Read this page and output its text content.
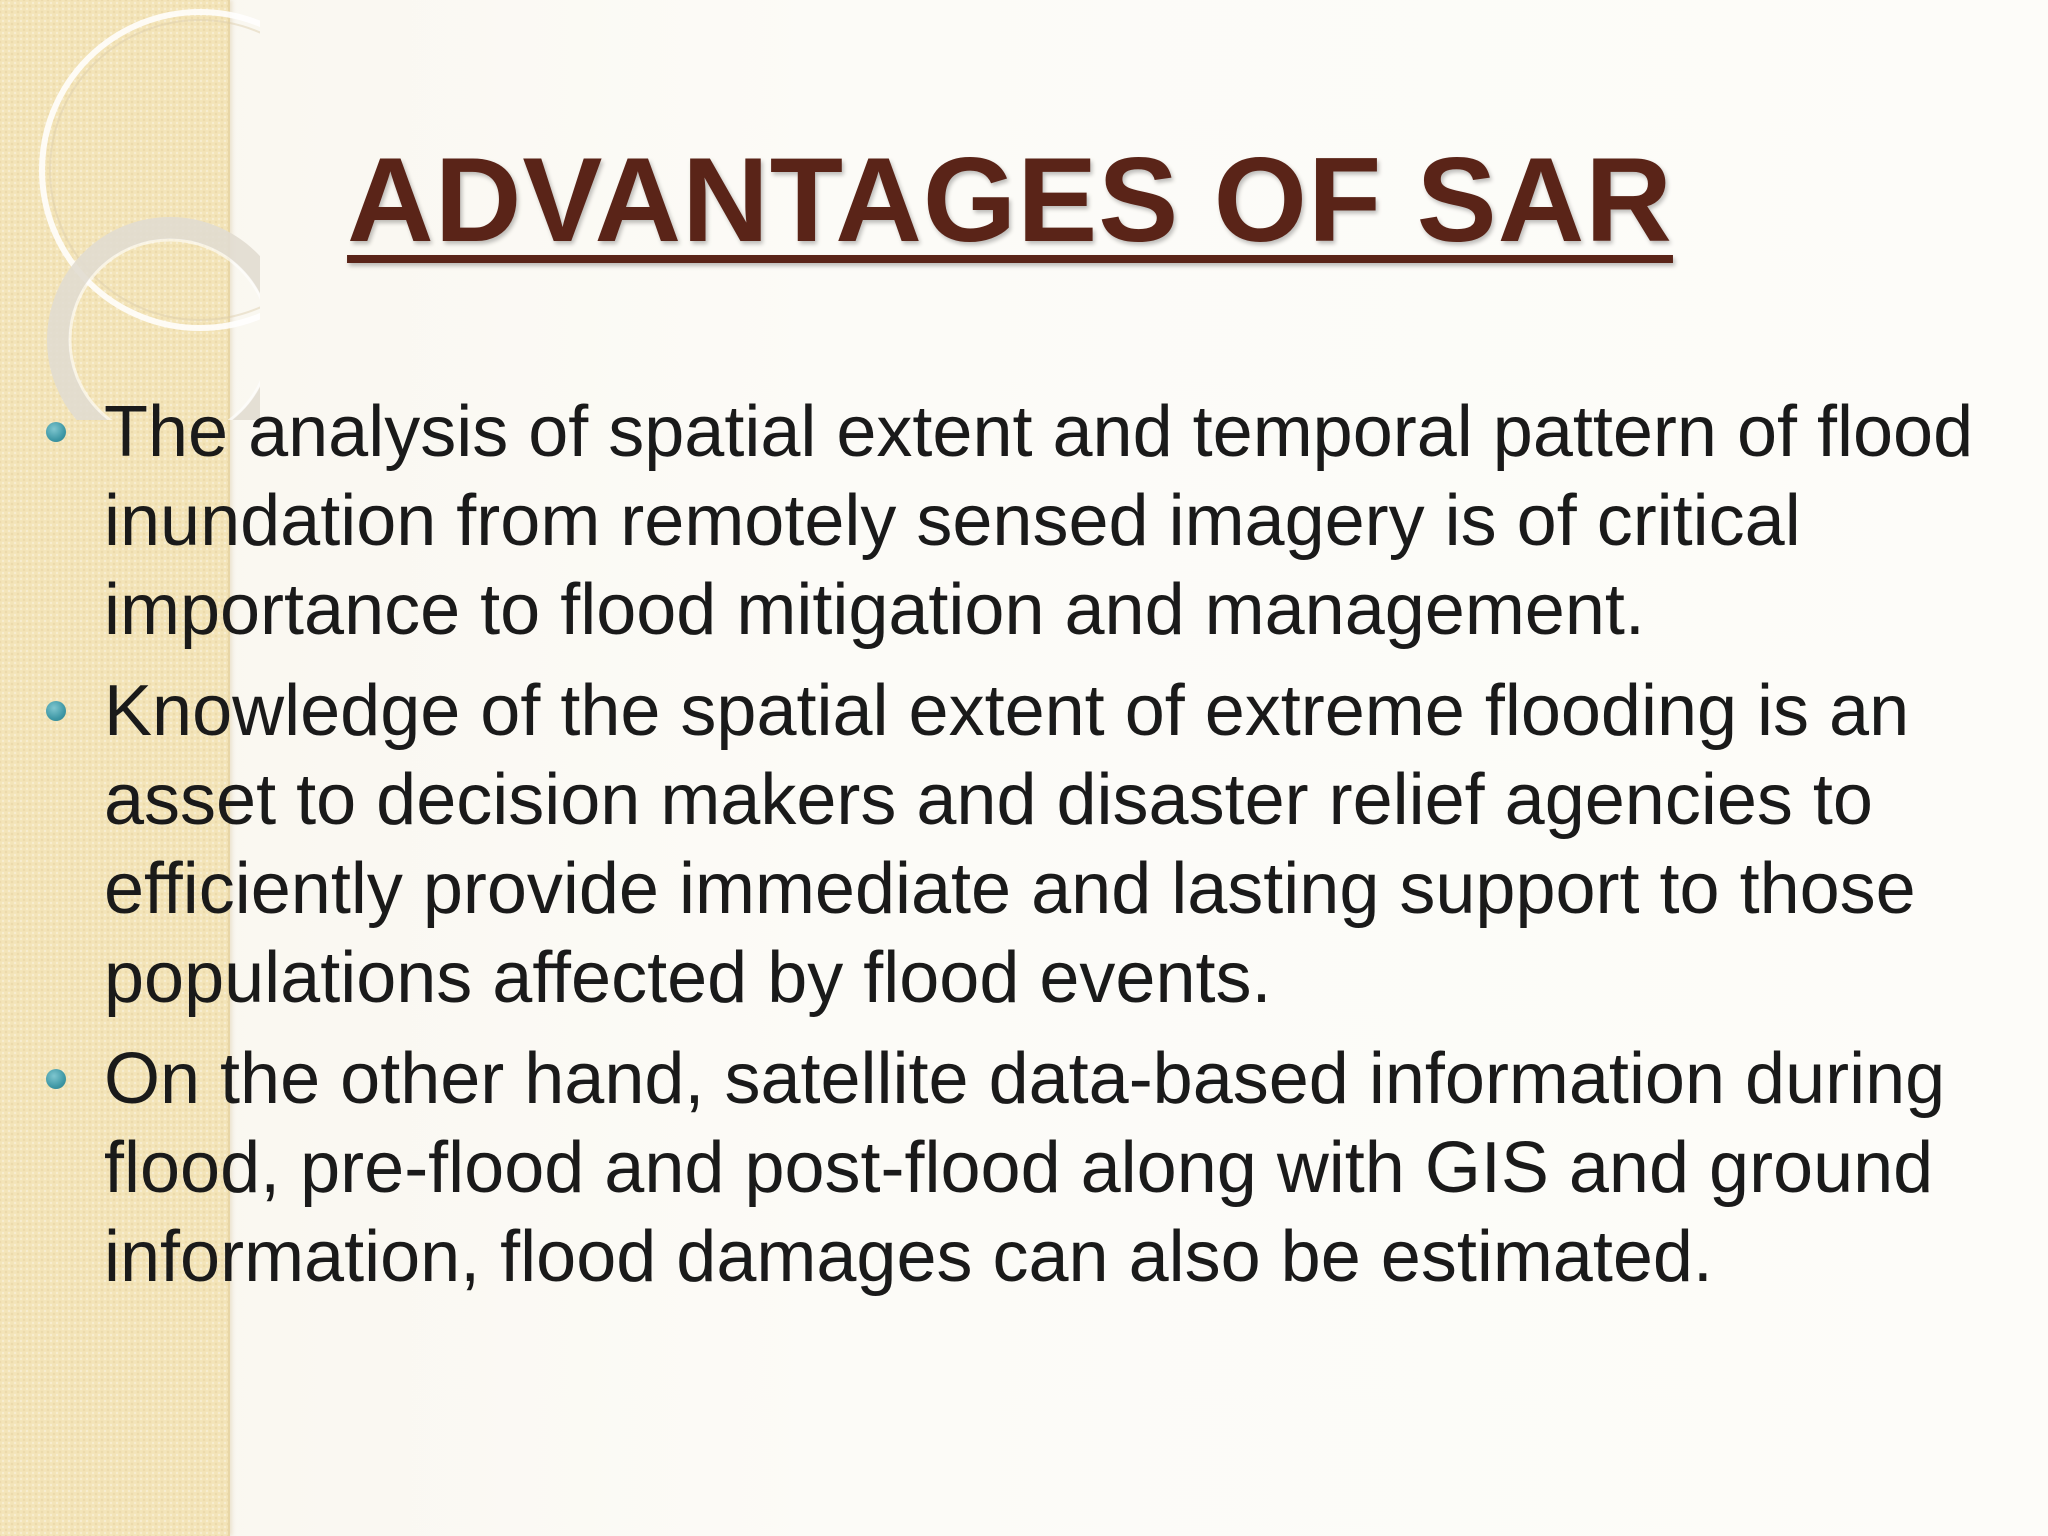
ADVANTAGES OF SAR
The analysis of spatial extent and temporal pattern of flood inundation from remotely sensed imagery is of critical importance to flood mitigation and management.
Knowledge of the spatial extent of extreme flooding is an asset to decision makers and disaster relief agencies to efficiently provide immediate and lasting support to those populations affected by flood events.
On the other hand, satellite data-based information during flood, pre-flood and post-flood along with GIS and ground information, flood damages can also be estimated.
